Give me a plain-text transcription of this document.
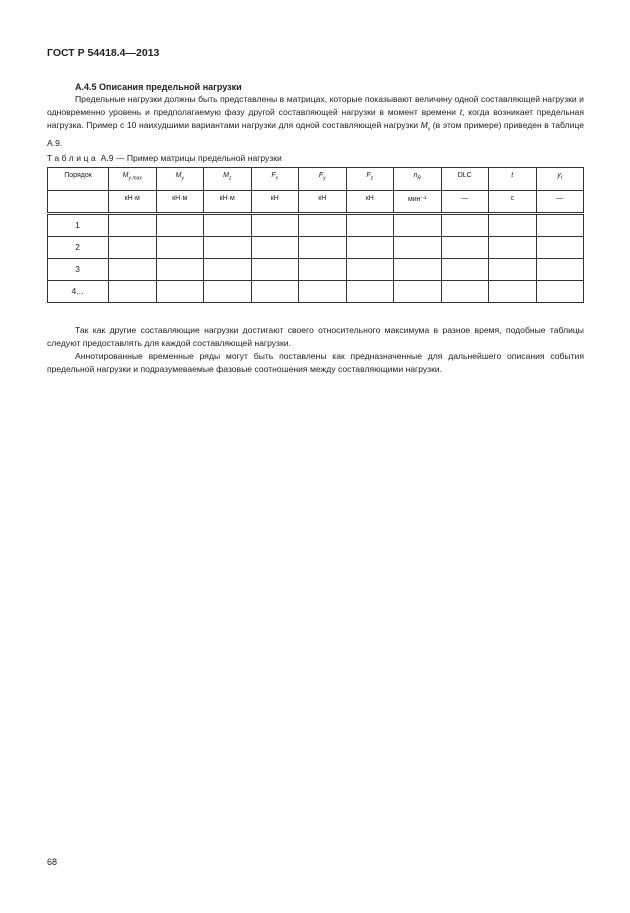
ГОСТ Р 54418.4—2013
А.4.5 Описания предельной нагрузки

Предельные нагрузки должны быть представлены в матрицах, которые показывают величину одной составляющей нагрузки и одновременно уровень и предполагаемую фазу другой составляющей нагрузки в момент времени t, когда возникает предельная нагрузка. Пример с 10 наихудшими вариантами нагрузки для одной составляющей нагрузки $M_x$ (в этом примере) приведен в таблице А.9.

Таблица А.9 — Пример матрицы предельной нагрузки
Порядок	$M_{y max}$	$M_y$	$M_z$	$F_x$	$F_y$	$F_z$	$n_R$	DLC	t	$y_f$
	кН·м	кН·м	кН·м	кН	кН	кН	мин⁻¹	—	с	—
1										
2										
3										
4...										

Так как другие составляющие нагрузки достигают своего относительного максимума в разное время, подобные таблицы следуют предоставлять для каждой составляющей нагрузки.

Аннотированные временные ряды могут быть поставлены как предназначенные для дальнейшего описания события предельной нагрузки и подразумеваемые фазовые соотношения между составляющими нагрузки.

68
